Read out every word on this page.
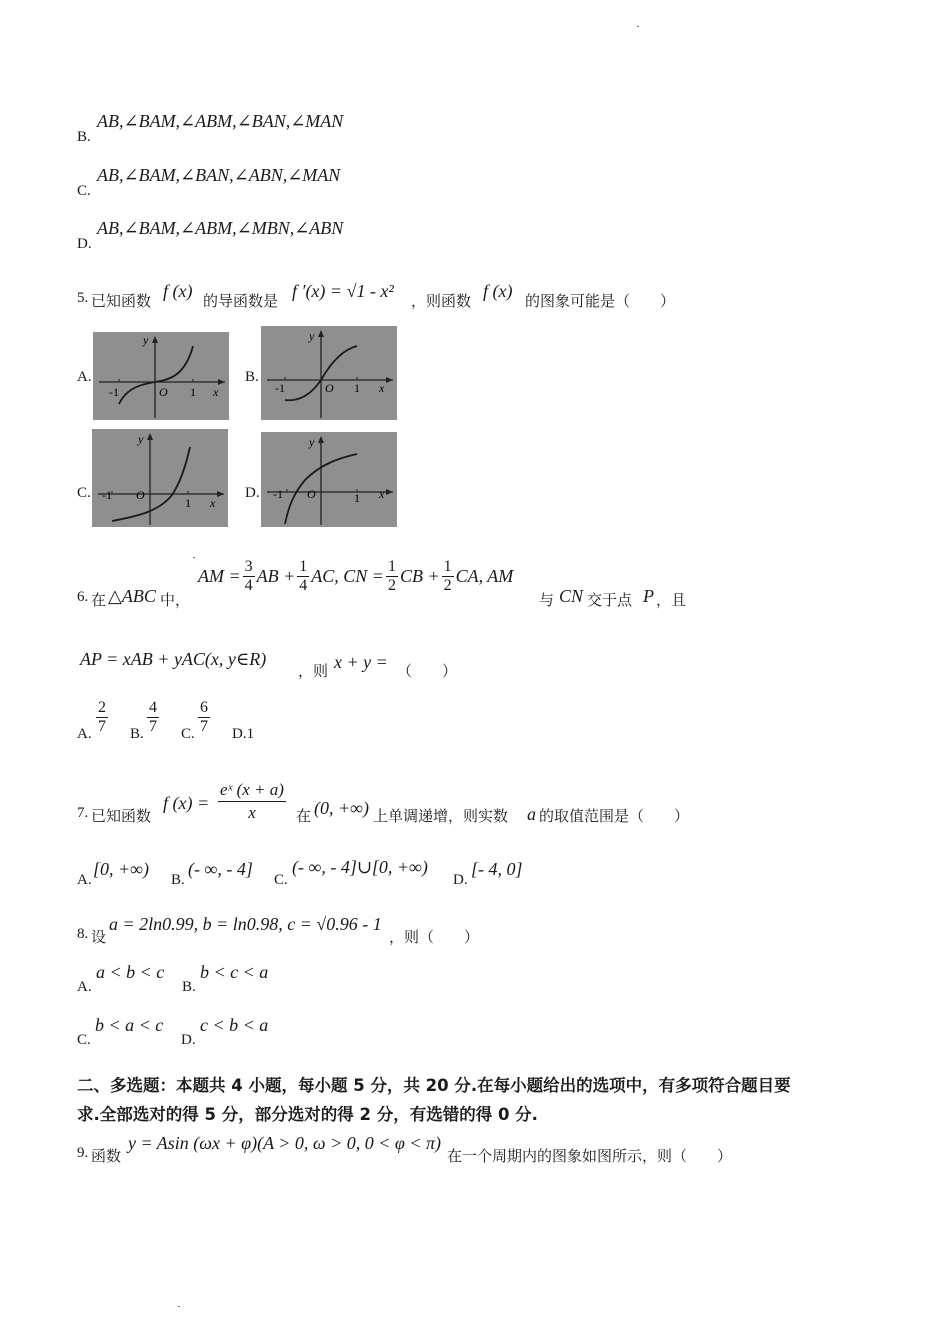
B.
AB,∠BAM,∠ABM,∠BAN,∠MAN
C.
AB,∠BAM,∠BAN,∠ABN,∠MAN
D.
AB,∠BAM,∠ABM,∠MBN,∠ABN
5. 已知函数
f (x)
的导函数是
f ′(x) = √1 - x²
，则函数
f (x)
的图象可能是（　　）
A.	B.
C.	D.
y
x
O
-1	1
y
x
O
-1	1
y
x
O
-1
1
y
x
O
-1	1
6. 在 △ABC 中，
AM = $\frac{3}{4}$ AB + $\frac{1}{4}$ AC, CN = $\frac{1}{2}$ CB + $\frac{1}{2}$ CA, AM
与 CN 交于点 P ，且
AP = xAB + yAC(x, y∈R)
，则 x + y = （　　）
A. $\frac{2}{7} B$. $\frac{4}{7} C$. $\frac{6}{7} D.1$
7. 已知函数
f $(x) = \frac{\text{eˣ (x + a)}}{x}$ 在 (0, +∞) 上单调递增，则实数 a 的取值范围是（　　）
A.
[0, +∞)
B.
(- ∞, - 4]
C.
(- ∞, - 4]∪[0, +∞)
D.
[- 4, 0]
8. 设
a = 2ln0.99, b = ln0.98, c = √0.96 - 1
，则（　　）
A.
a < b < c
B.
b < c < a
C.
b < a < c
D.
c < b < a
二、多选题：本题共 4 小题，每小题 5 分，共 20 分.在每小题给出的选项中，有多项符合题目要
求.全部选对的得 5 分，部分选对的得 2 分，有选错的得 0 分.
9. 函数
y = Asin (ωx + φ)(A > 0, ω > 0, 0 < φ < π)
在一个周期内的图象如图所示，则（　　）
